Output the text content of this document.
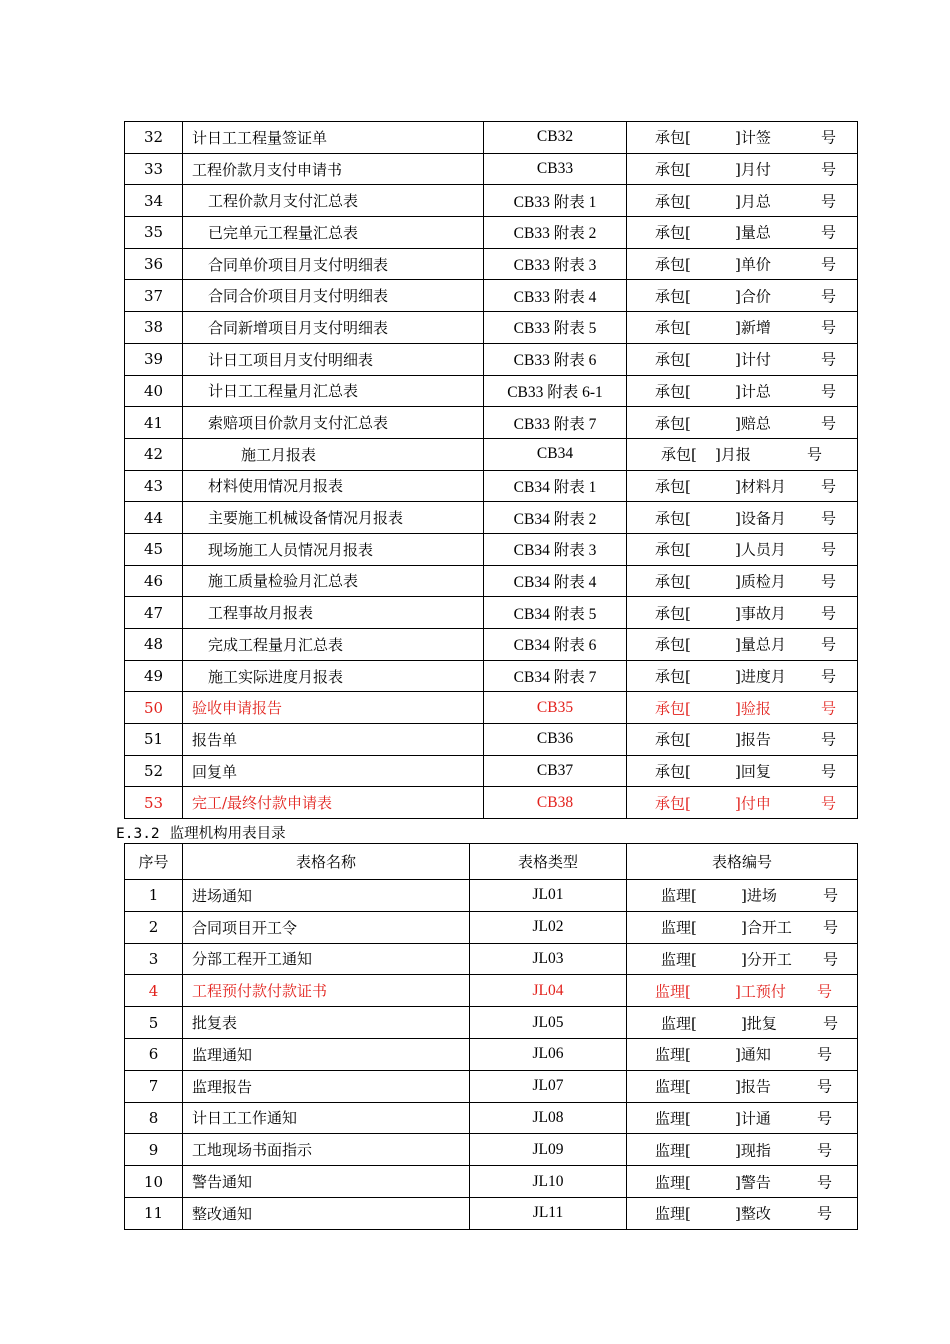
32	计日工工程量签证单	CB32	承包[ ]计签 号

33	工程价款月支付申请书	CB33	承包[ ]月付 号

34	工程价款月支付汇总表	CB33 附表 1	承包[ ]月总 号

35	已完单元工程量汇总表	CB33 附表 2	承包[ ]量总 号

36	合同单价项目月支付明细表	CB33 附表 3	承包[ ]单价 号

37	合同合价项目月支付明细表	CB33 附表 4	承包[ ]合价 号

38	合同新增项目月支付明细表	CB33 附表 5	承包[ ]新增 号

39	计日工项目月支付明细表	CB33 附表 6	承包[ ]计付 号

40	计日工工程量月汇总表	CB33 附表 6-1	承包[ ]计总 号

41	索赔项目价款月支付汇总表	CB33 附表 7	承包[ ]赔总 号

42	施工月报表	CB34	承包[ ]月报 号

43	材料使用情况月报表	CB34 附表 1	承包[ ]材料月 号

44	主要施工机械设备情况月报表	CB34 附表 2	承包[ ]设备月 号

45	现场施工人员情况月报表	CB34 附表 3	承包[ ]人员月 号

46	施工质量检验月汇总表	CB34 附表 4	承包[ ]质检月 号

47	工程事故月报表	CB34 附表 5	承包[ ]事故月 号

48	完成工程量月汇总表	CB34 附表 6	承包[ ]量总月 号

49	施工实际进度月报表	CB34 附表 7	承包[ ]进度月 号

50	验收申请报告	CB35	承包[ ]验报 号

51	报告单	CB36	承包[ ]报告 号

52	回复单	CB37	承包[ ]回复 号

53	完工/最终付款申请表	CB38	承包[ ]付申 号
E.3.2 监理机构用表目录
序号	表格名称	表格类型	表格编号
1	进场通知	JL01	监理[ ]进场 号

2	合同项目开工令	JL02	监理[ ]合开工 号

3	分部工程开工通知	JL03	监理[ ]分开工 号

4	工程预付款付款证书	JL04	监理[ ]工预付 号

5	批复表	JL05	监理[ ]批复 号

6	监理通知	JL06	监理[ ]通知 号

7	监理报告	JL07	监理[ ]报告 号

8	计日工工作通知	JL08	监理[ ]计通 号

9	工地现场书面指示	JL09	监理[ ]现指 号

10	警告通知	JL10	监理[ ]警告 号

11	整改通知	JL11	监理[ ]整改 号
